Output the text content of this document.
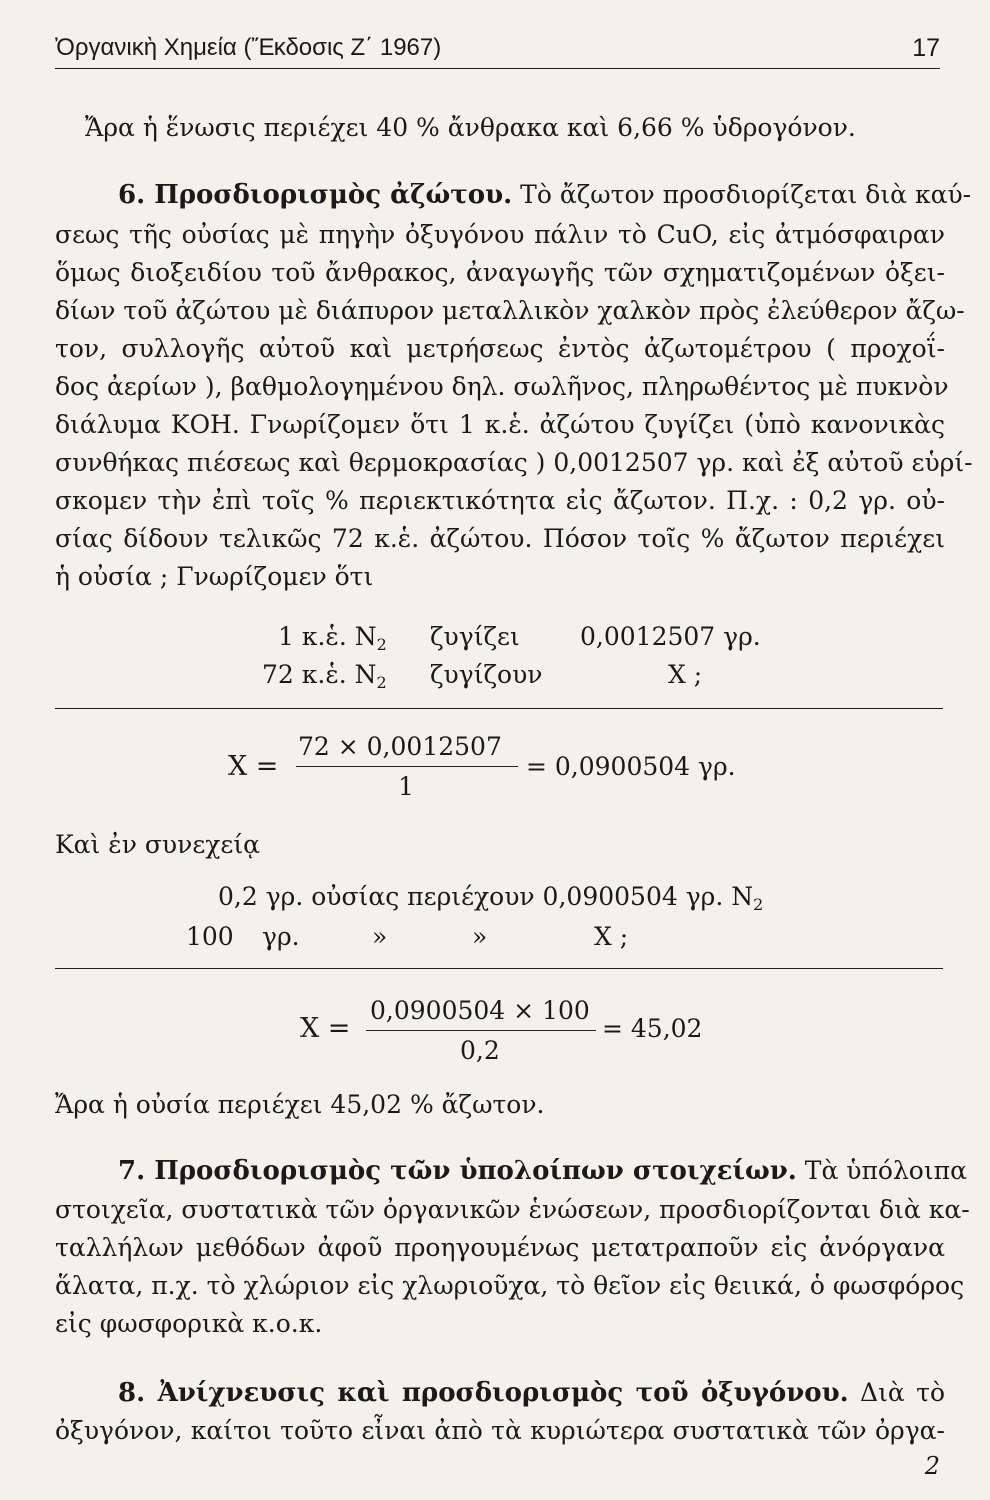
Ὀργανικὴ Χημεία (Ἔκδοσις Ζ΄ 1967)	17
Ἄρα ἡ ἕνωσις περιέχει 40 % ἄνθρακα καὶ 6,66 % ὑδρογόνον.
6. Προσδιορισμὸς ἀζώτου. Τὸ ἄζωτον προσδιορίζεται διὰ καύ-
σεως τῆς οὐσίας μὲ πηγὴν ὀξυγόνου πάλιν τὸ CuO, εἰς ἀτμόσφαιραν
ὅμως διοξειδίου τοῦ ἄνθρακος, ἀναγωγῆς τῶν σχηματιζομένων ὀξει-
δίων τοῦ ἀζώτου μὲ διάπυρον μεταλλικὸν χαλκὸν πρὸς ἐλεύθερον ἄζω-
τον, συλλογῆς αὐτοῦ καὶ μετρήσεως ἐντὸς ἀζωτομέτρου ( προχοΐ-
δος ἀερίων ), βαθμολογημένου δηλ. σωλῆνος, πληρωθέντος μὲ πυκνὸν
διάλυμα ΚΟΗ. Γνωρίζομεν ὅτι 1 κ.ἑ. ἀζώτου ζυγίζει (ὑπὸ κανονικὰς
συνθήκας πιέσεως καὶ θερμοκρασίας ) 0,0012507 γρ. καὶ ἐξ αὐτοῦ εὑρί-
σκομεν τὴν ἐπὶ τοῖς % περιεκτικότητα εἰς ἄζωτον. Π.χ. : 0,2 γρ. οὐ-
σίας δίδουν τελικῶς 72 κ.ἑ. ἀζώτου. Πόσον τοῖς % ἄζωτον περιέχει
ἡ οὐσία ; Γνωρίζομεν ὅτι
1 κ.ἑ. $N_2$ ζυγίζει 0,0012507 γρ.
72 κ.ἑ. $N_2$ ζυγίζουν	Χ ;
Χ =
72 × 0,0012507
1
= 0,0900504 γρ.
Καὶ ἐν συνεχείᾳ
0,2 γρ. οὐσίας περιέχουν 0,0900504 γρ. $N_2$
100 γρ.	»	»	Χ ;
Χ =
0,0900504 × 100
0,2
= 45,02
Ἄρα ἡ οὐσία περιέχει 45,02 % ἄζωτον.
7. Προσδιορισμὸς τῶν ὑπολοίπων στοιχείων. Τὰ ὑπόλοιπα
στοιχεῖα, συστατικὰ τῶν ὀργανικῶν ἑνώσεων, προσδιορίζονται διὰ κα-
ταλλήλων μεθόδων ἀφοῦ προηγουμένως μετατραποῦν εἰς ἀνόργανα
ἅλατα, π.χ. τὸ χλώριον εἰς χλωριοῦχα, τὸ θεῖον εἰς θειικά, ὁ φωσφόρος
εἰς φωσφορικὰ κ.ο.κ.
8. Ἀνίχνευσις καὶ προσδιορισμὸς τοῦ ὀξυγόνου. Διὰ τὸ
ὀξυγόνον, καίτοι τοῦτο εἶναι ἀπὸ τὰ κυριώτερα συστατικὰ τῶν ὀργα-
2
